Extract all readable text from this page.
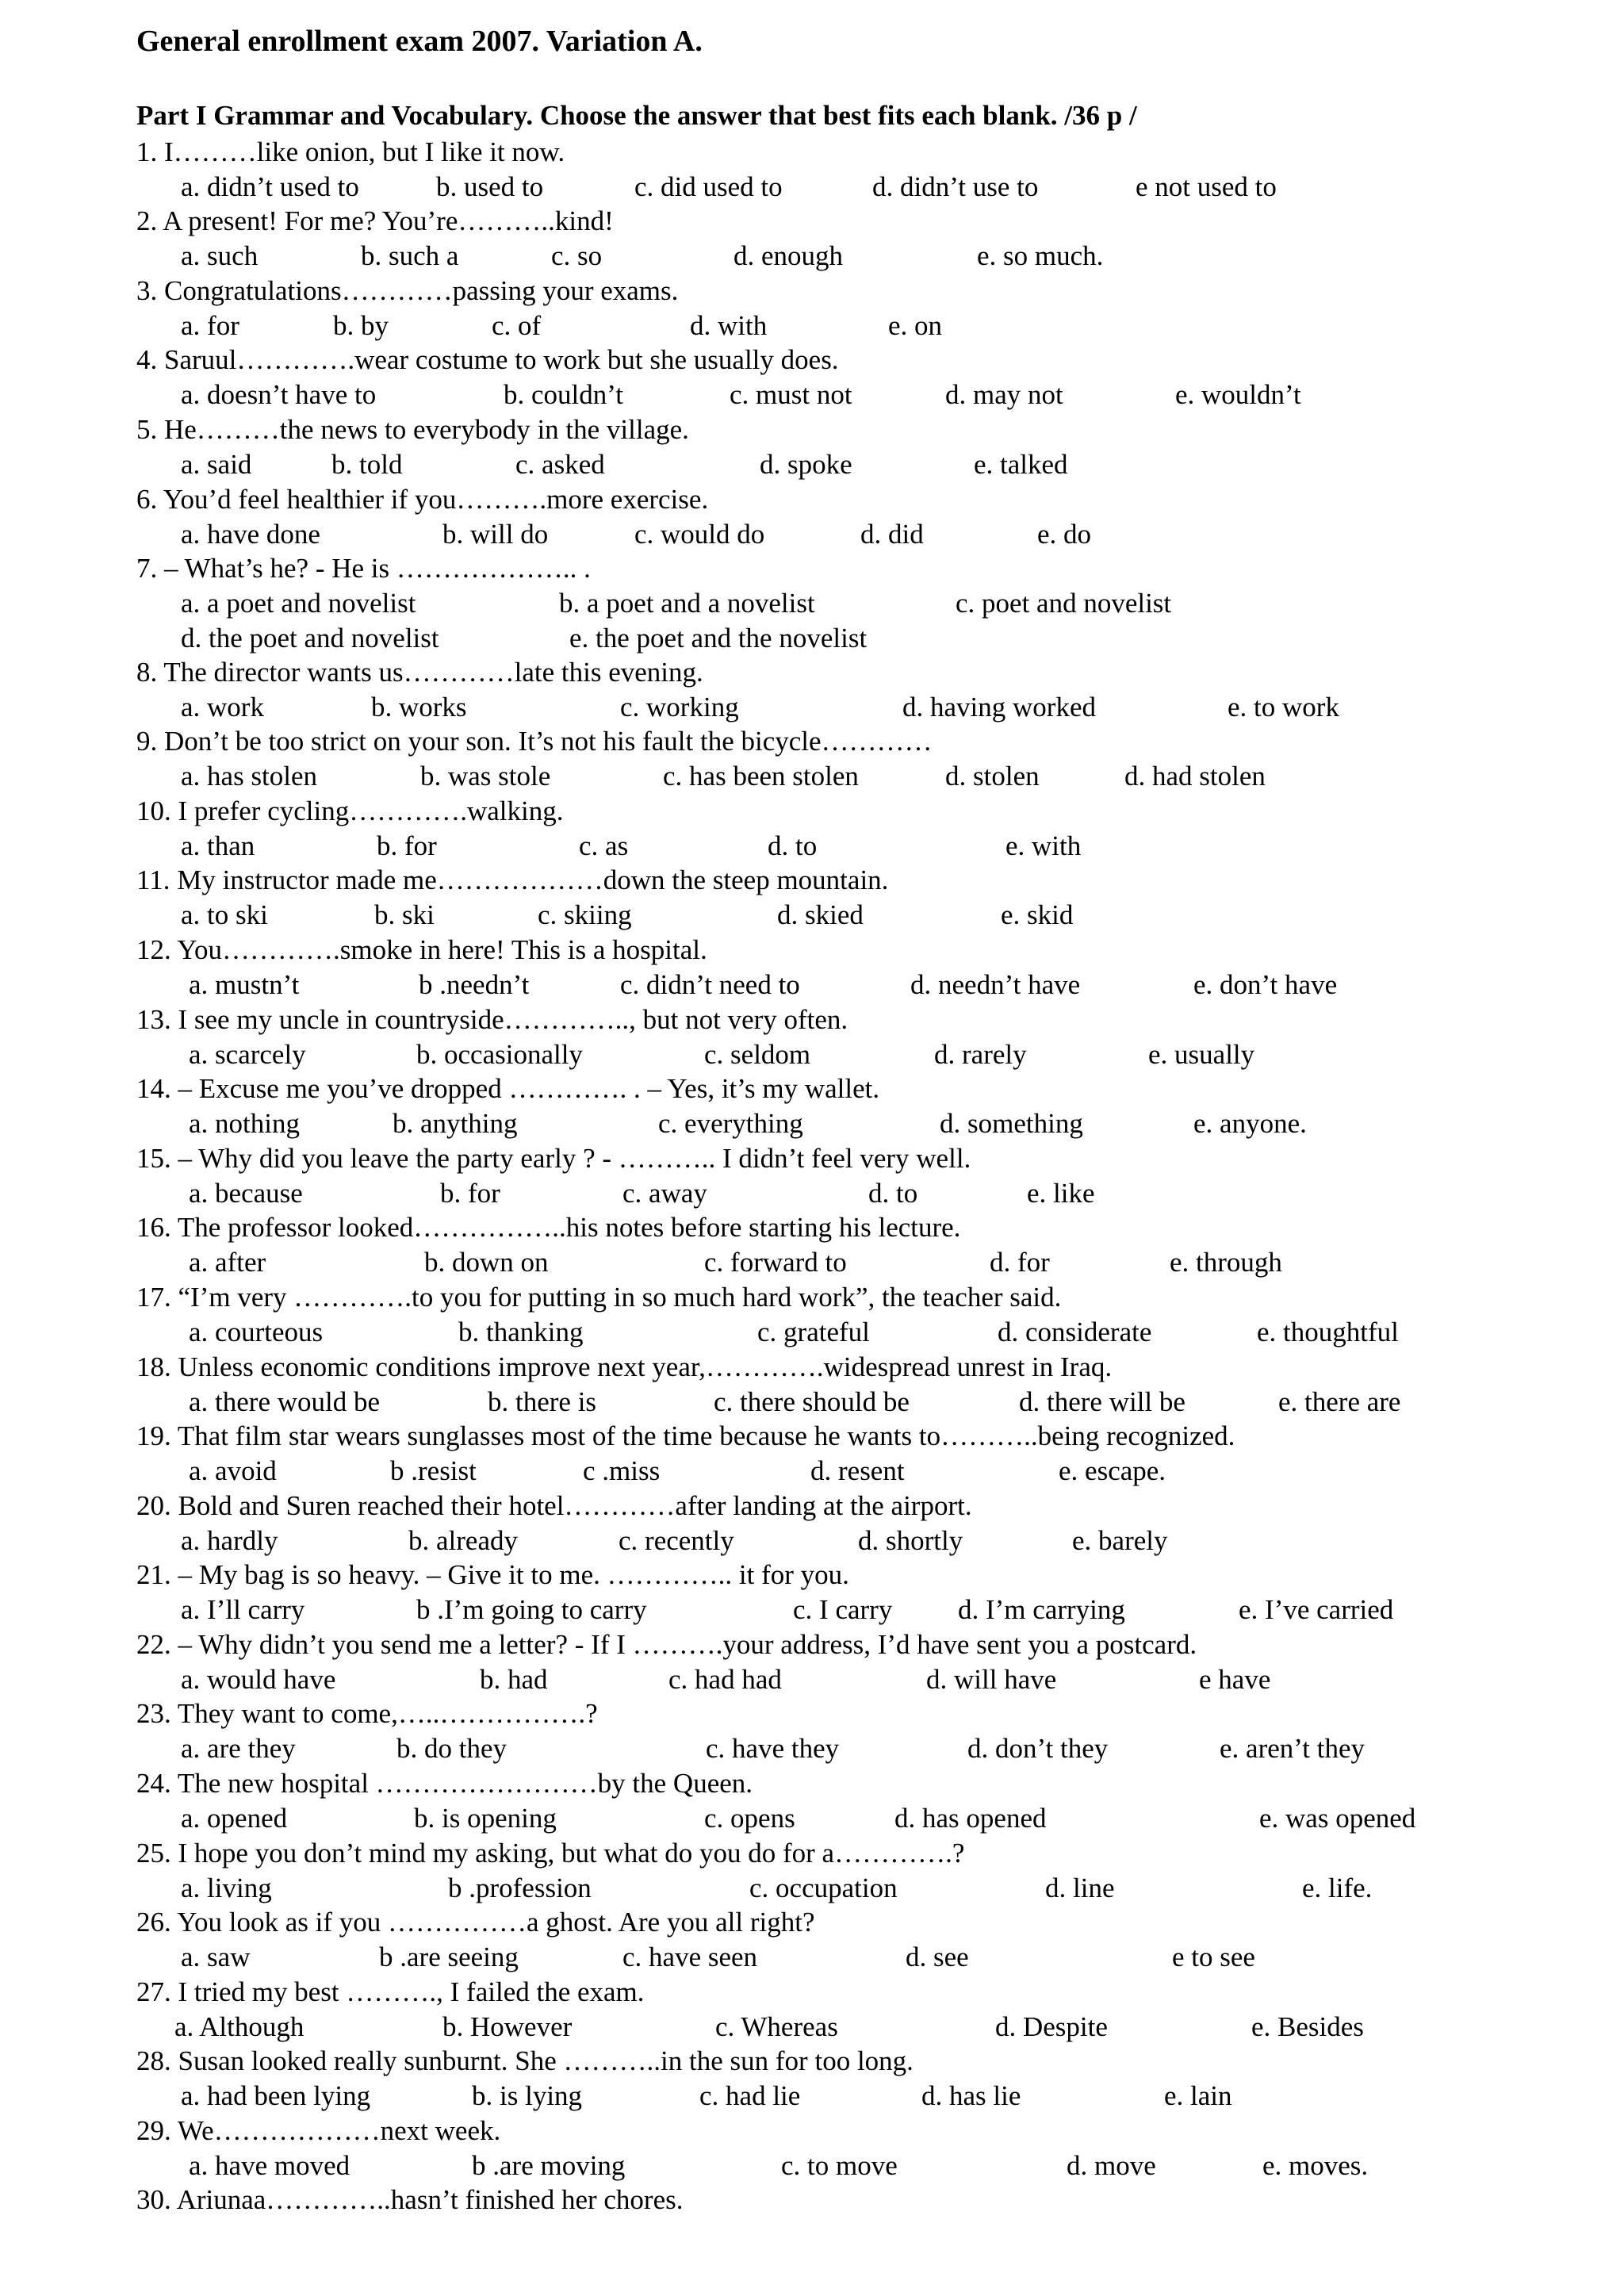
General enrollment exam 2007. Variation A.
Part I Grammar and Vocabulary. Choose the answer that best fits each blank. /36 p /
1. I………like onion, but I like it now.
a. didn’t used to	b. used to	c. did used to	d. didn’t use to	e not used to
2. A present! For me? You’re………..kind!
a. such	b. such a	c. so	d. enough	e. so much.
3. Congratulations…………passing your exams.
a. for	b. by	c. of	d. with	e. on
4. Saruul………….wear costume to work but she usually does.
a. doesn’t have to	b. couldn’t	c. must not	d. may not	e. wouldn’t
5. He………the news to everybody in the village.
a. said	b. told	c. asked	d. spoke	e. talked
6. You’d feel healthier if you……….more exercise.
a. have done	b. will do	c. would do	d. did	e. do
7. – What’s he? - He is ……………….. .
a. a poet and novelist	b. a poet and a novelist	c. poet and novelist
d. the poet and novelist	e. the poet and the novelist
8. The director wants us…………late this evening.
a. work	b. works	c. working	d. having worked	e. to work
9. Don’t be too strict on your son. It’s not his fault the bicycle…………
a. has stolen	b. was stole	c. has been stolen	d. stolen	d. had stolen
10. I prefer cycling………….walking.
a. than	b. for	c. as	d. to	e. with
11. My instructor made me………………down the steep mountain.
a. to ski	b. ski	c. skiing	d. skied	e. skid
12. You………….smoke in here! This is a hospital.
a. mustn’t	b .needn’t	c. didn’t need to	d. needn’t have	e. don’t have
13. I see my uncle in countryside………….., but not very often.
a. scarcely	b. occasionally	c. seldom	d. rarely	e. usually
14. – Excuse me you’ve dropped …………. . – Yes, it’s my wallet.
a. nothing	b. anything	c. everything	d. something	e. anyone.
15. – Why did you leave the party early ? - ……….. I didn’t feel very well.
a. because	b. for	c. away	d. to	e. like
16. The professor looked……………..his notes before starting his lecture.
a. after	b. down on	c. forward to	d. for	e. through
17. “I’m very ………….to you for putting in so much hard work”, the teacher said.
a. courteous	b. thanking	c. grateful	d. considerate	e. thoughtful
18. Unless economic conditions improve next year,………….widespread unrest in Iraq.
a. there would be	b. there is	c. there should be	d. there will be	e. there are
19. That film star wears sunglasses most of the time because he wants to………..being recognized.
a. avoid	b .resist	c .miss	d. resent	e. escape.
20. Bold and Suren reached their hotel…………after landing at the airport.
a. hardly	b. already	c. recently	d. shortly	e. barely
21. – My bag is so heavy. – Give it to me. ………….. it for you.
a. I’ll carry	b .I’m going to carry	c. I carry d. I’m carrying	e. I’ve carried
22. – Why didn’t you send me a letter? - If I ……….your address, I’d have sent you a postcard.
a. would have	b. had	c. had had	d. will have	e have
23. They want to come,…..…………….?
a. are they	b. do they	c. have they	d. don’t they	e. aren’t they
24. The new hospital ……………………by the Queen.
a. opened	b. is opening	c. opens	d. has opened	e. was opened
25. I hope you don’t mind my asking, but what do you do for a………….?
a. living	b .profession	c. occupation	d. line	e. life.
26. You look as if you ……………a ghost. Are you all right?
a. saw	b .are seeing	c. have seen	d. see	e to see
27. I tried my best ………., I failed the exam.
a. Although	b. However	c. Whereas	d. Despite	e. Besides
28. Susan looked really sunburnt. She ………..in the sun for too long.
a. had been lying	b. is lying	c. had lie	d. has lie	e. lain
29. We………………next week.
a. have moved	b .are moving	c. to move	d. move	e. moves.
30. Ariunaa…………..hasn’t finished her chores.
